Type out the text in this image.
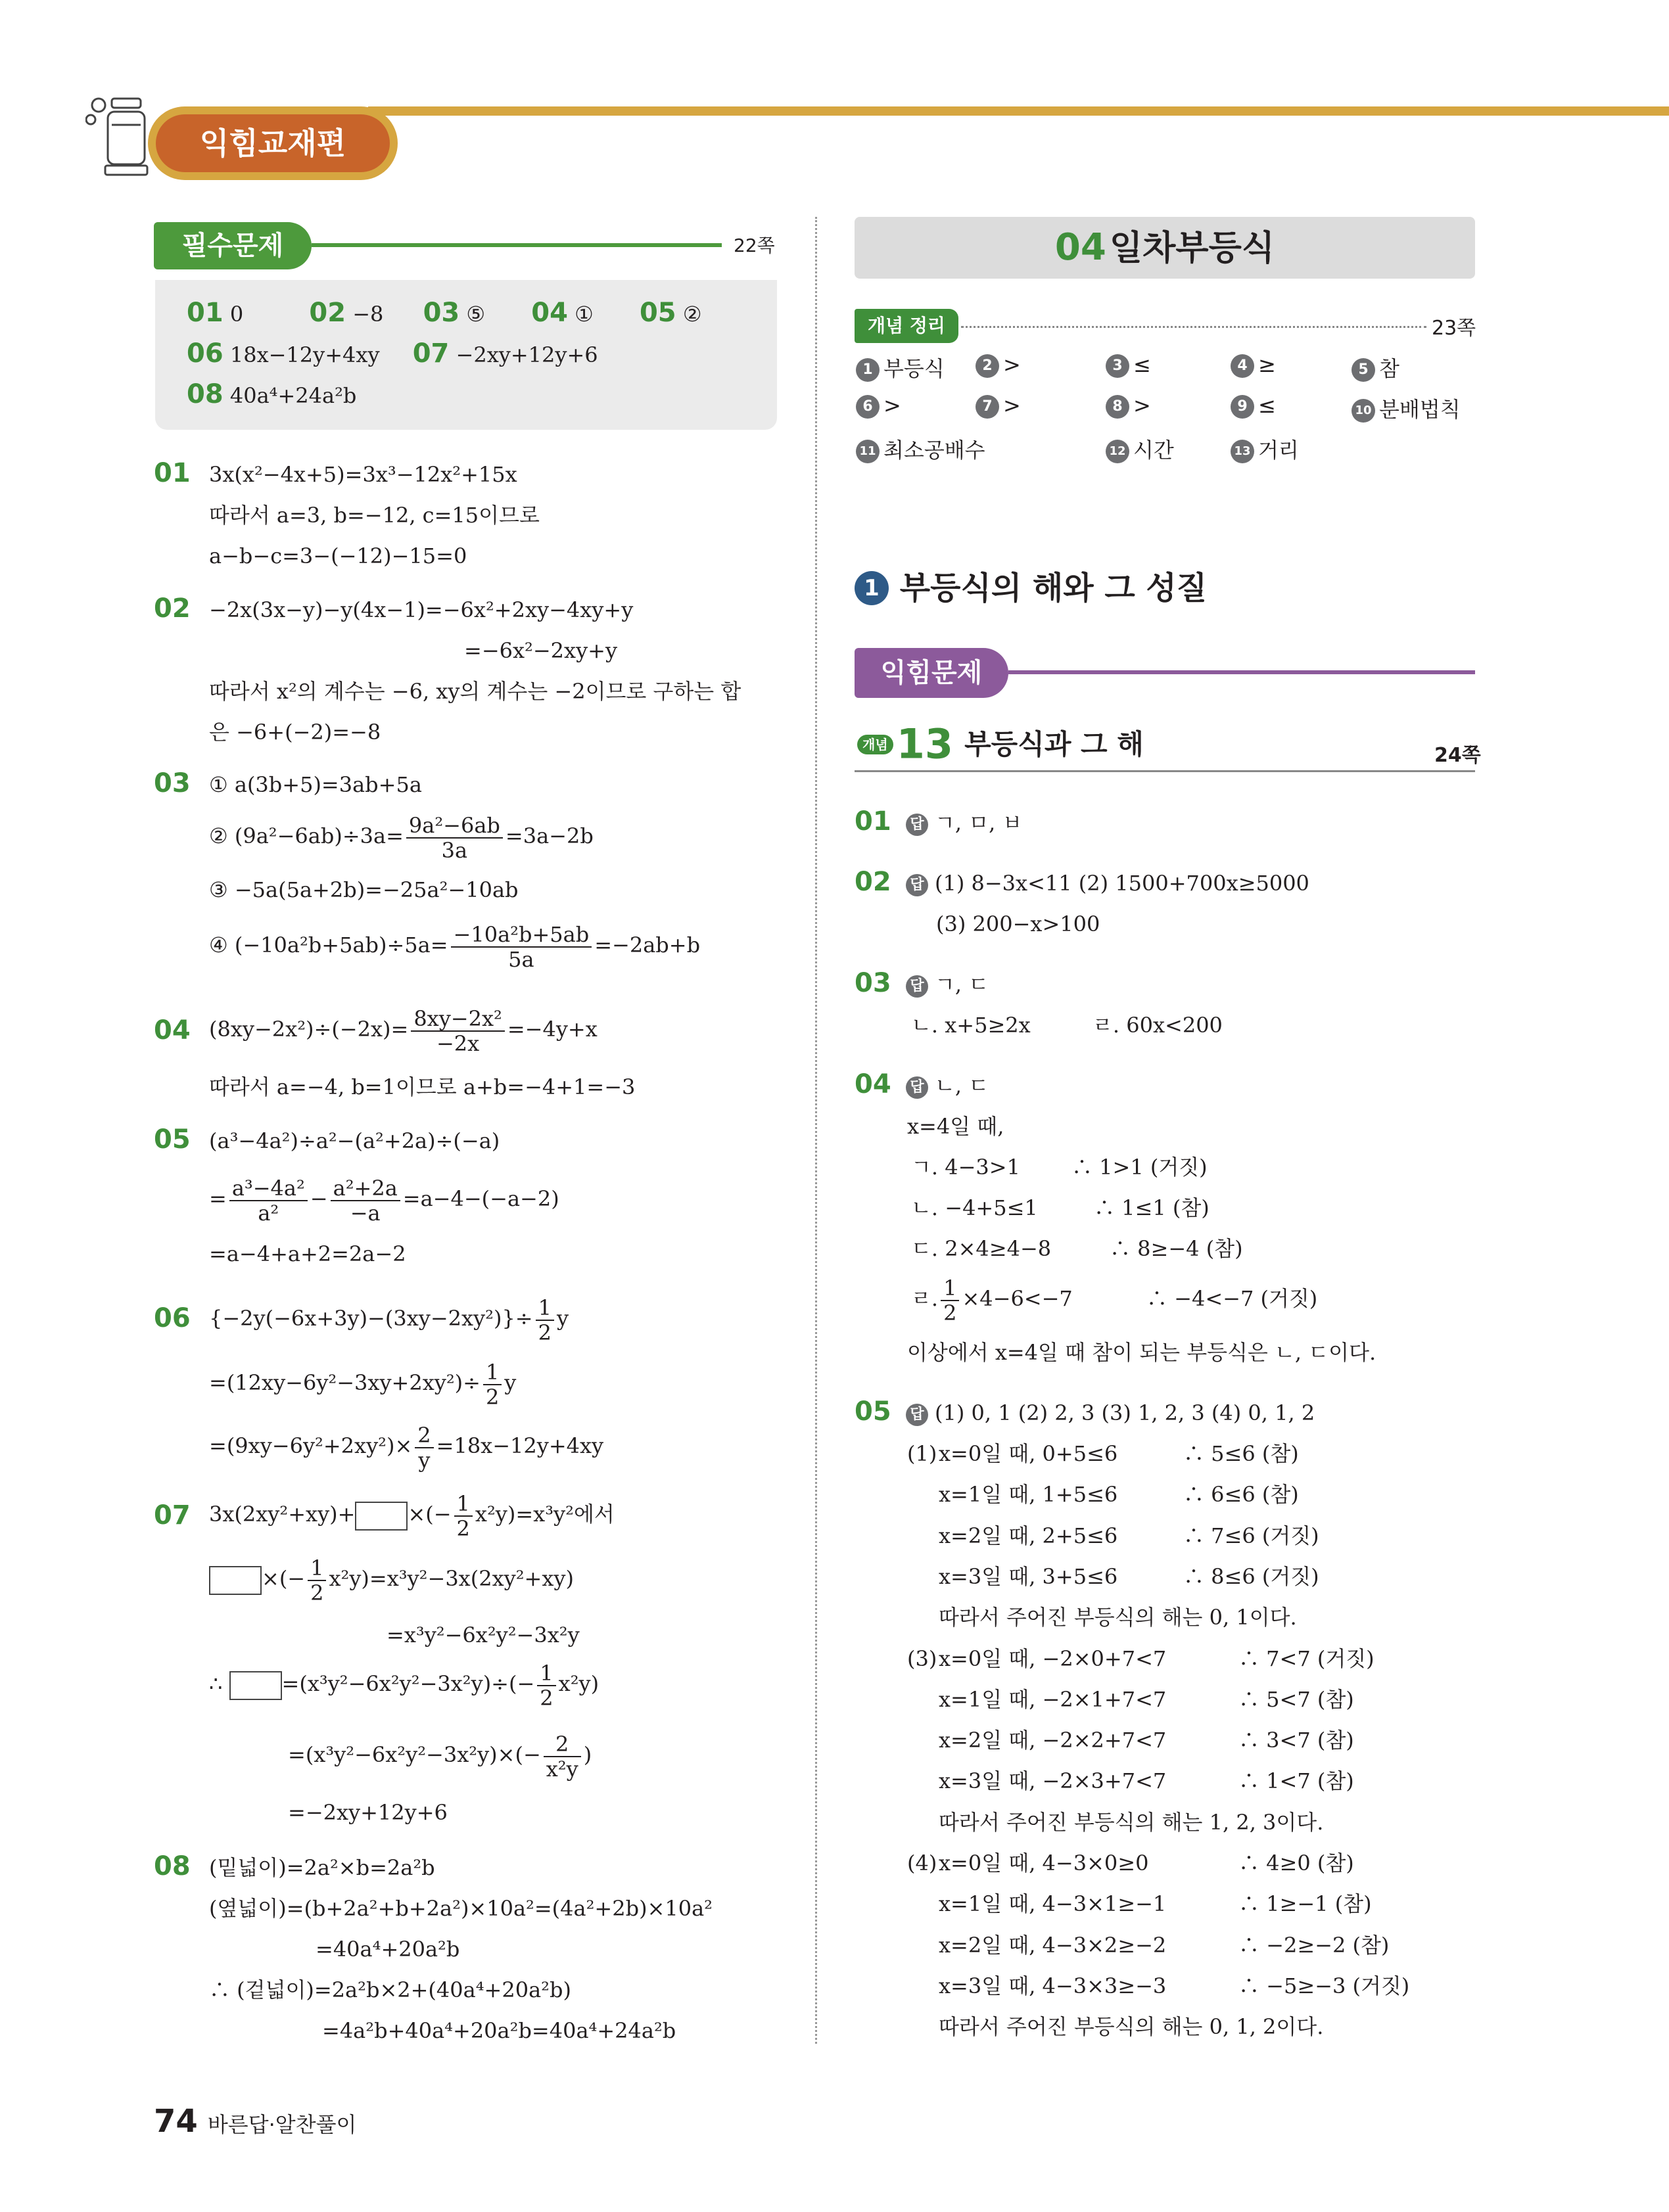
익힘교재편
필수문제	22쪽
01 0	02 −8 03 ⑤ 04 ① 05 ②
06 18x−12y+4xy 07 −2xy+12y+6
08 40a⁴+24a²b
01 3x(x²−4x+5)=3x³−12x²+15x
따라서 a=3, b=−12, c=15이므로
a−b−c=3−(−12)−15=0
02 −2x(3x−y)−y(4x−1)=−6x²+2xy−4xy+y
=−6x²−2xy+y
따라서 x²의 계수는 −6, xy의 계수는 −2이므로 구하는 합
은 −6+(−2)=−8
03 ① a(3b+5)=3ab+5a
② $(9a^2-6ab)\div 3a= \frac{\text{9a²−6ab}}{3a} =3a-2b$
③ −5a(5a+2b)=−25a²−10ab
④ $(-10a^2b+5ab)\div 5a= \frac{\text{−10a²b+5ab}}{5a} =-2ab+b$
04 $(8xy-2x^2)\div(-2x)= \frac{\text{8xy−2x²}}{-2x} =-4y+x$
따라서 a=−4, b=1이므로 a+b=−4+1=−3
05 (a³−4a²)÷a²−(a²+2a)÷(−a)
= $\frac{\text{a³−4a²}}{\text{a²}} - \frac{\text{a²+2a}}{-a} =a-4-(-a-2)$
=a−4+a+2=2a−2
06 $\{-2y(-6x+3y)-(3xy-2xy^2)\}\div \frac{1}{2}$ y
$=(12xy-6y^2-3xy+2xy^2)\div \frac{1}{2}$ y
$=(9xy-6y^2+2xy^2)\times \frac{2}{y} =18x-12y+4xy$
07 3x(2xy²+xy)+	×(− $\frac{1}{2} x^2y)=x^3y^2$에서
×(− $\frac{1}{2} x^2y)=x^3y^2-3x(2xy^2+xy)$
=x³y²−6x²y²−3x²y
∴	$=(x^3y^2-6x^2y^2-3x^2y)\div(- \frac{1}{2} x^2y)$
$=(x^3y^2-6x^2y^2-3x^2y)\times(- \frac{2}{\text{x²y}}$ )
=−2xy+12y+6
08 (밑넓이)=2a²×b=2a²b
(옆넓이)=(b+2a²+b+2a²)×10a²=(4a²+2b)×10a²
=40a⁴+20a²b
∴ (겉넓이)=2a²b×2+(40a⁴+20a²b)
=4a²b+40a⁴+20a²b=40a⁴+24a²b
04 일차부등식
개념 정리	23쪽
1 부등식	2 >	3 ≤	4 ≥	5 참
6 >	7 >	8 >	9 ≤	10 분배법칙
11 최소공배수	12 시간	13 거리
1 부등식의 해와 그 성질
익힘문제
개념 13 부등식과 그 해	24쪽
01 답 ㄱ, ㅁ, ㅂ
02 답 (1) 8−3x<11 (2) 1500+700x≥5000
(3) 200−x>100
03 답 ㄱ, ㄷ
ㄴ. x+5≥2x	ㄹ. 60x<200
04 답 ㄴ, ㄷ
x=4일 때,
ㄱ. 4−3>1 ∴ 1>1 (거짓)
ㄴ. −4+5≤1	∴ 1≤1 (참)
ㄷ. 2×4≥4−8	∴ 8≥−4 (참)
ㄹ. $\frac{1}{2} \times 4-6<-7$	∴ −4<−7 (거짓)
이상에서 x=4일 때 참이 되는 부등식은 ㄴ, ㄷ이다.
05 답 (1) 0, 1 (2) 2, 3 (3) 1, 2, 3 (4) 0, 1, 2
(1) x=0일 때, 0+5≤6	∴ 5≤6 (참)
x=1일 때, 1+5≤6	∴ 6≤6 (참)
x=2일 때, 2+5≤6	∴ 7≤6 (거짓)
x=3일 때, 3+5≤6	∴ 8≤6 (거짓)
따라서 주어진 부등식의 해는 0, 1이다.
(3) x=0일 때, −2×0+7<7	∴ 7<7 (거짓)
x=1일 때, −2×1+7<7	∴ 5<7 (참)
x=2일 때, −2×2+7<7	∴ 3<7 (참)
x=3일 때, −2×3+7<7	∴ 1<7 (참)
따라서 주어진 부등식의 해는 1, 2, 3이다.
(4) x=0일 때, 4−3×0≥0	∴ 4≥0 (참)
x=1일 때, 4−3×1≥−1	∴ 1≥−1 (참)
x=2일 때, 4−3×2≥−2	∴ −2≥−2 (참)
x=3일 때, 4−3×3≥−3	∴ −5≥−3 (거짓)
따라서 주어진 부등식의 해는 0, 1, 2이다.
74 바른답·알찬풀이
